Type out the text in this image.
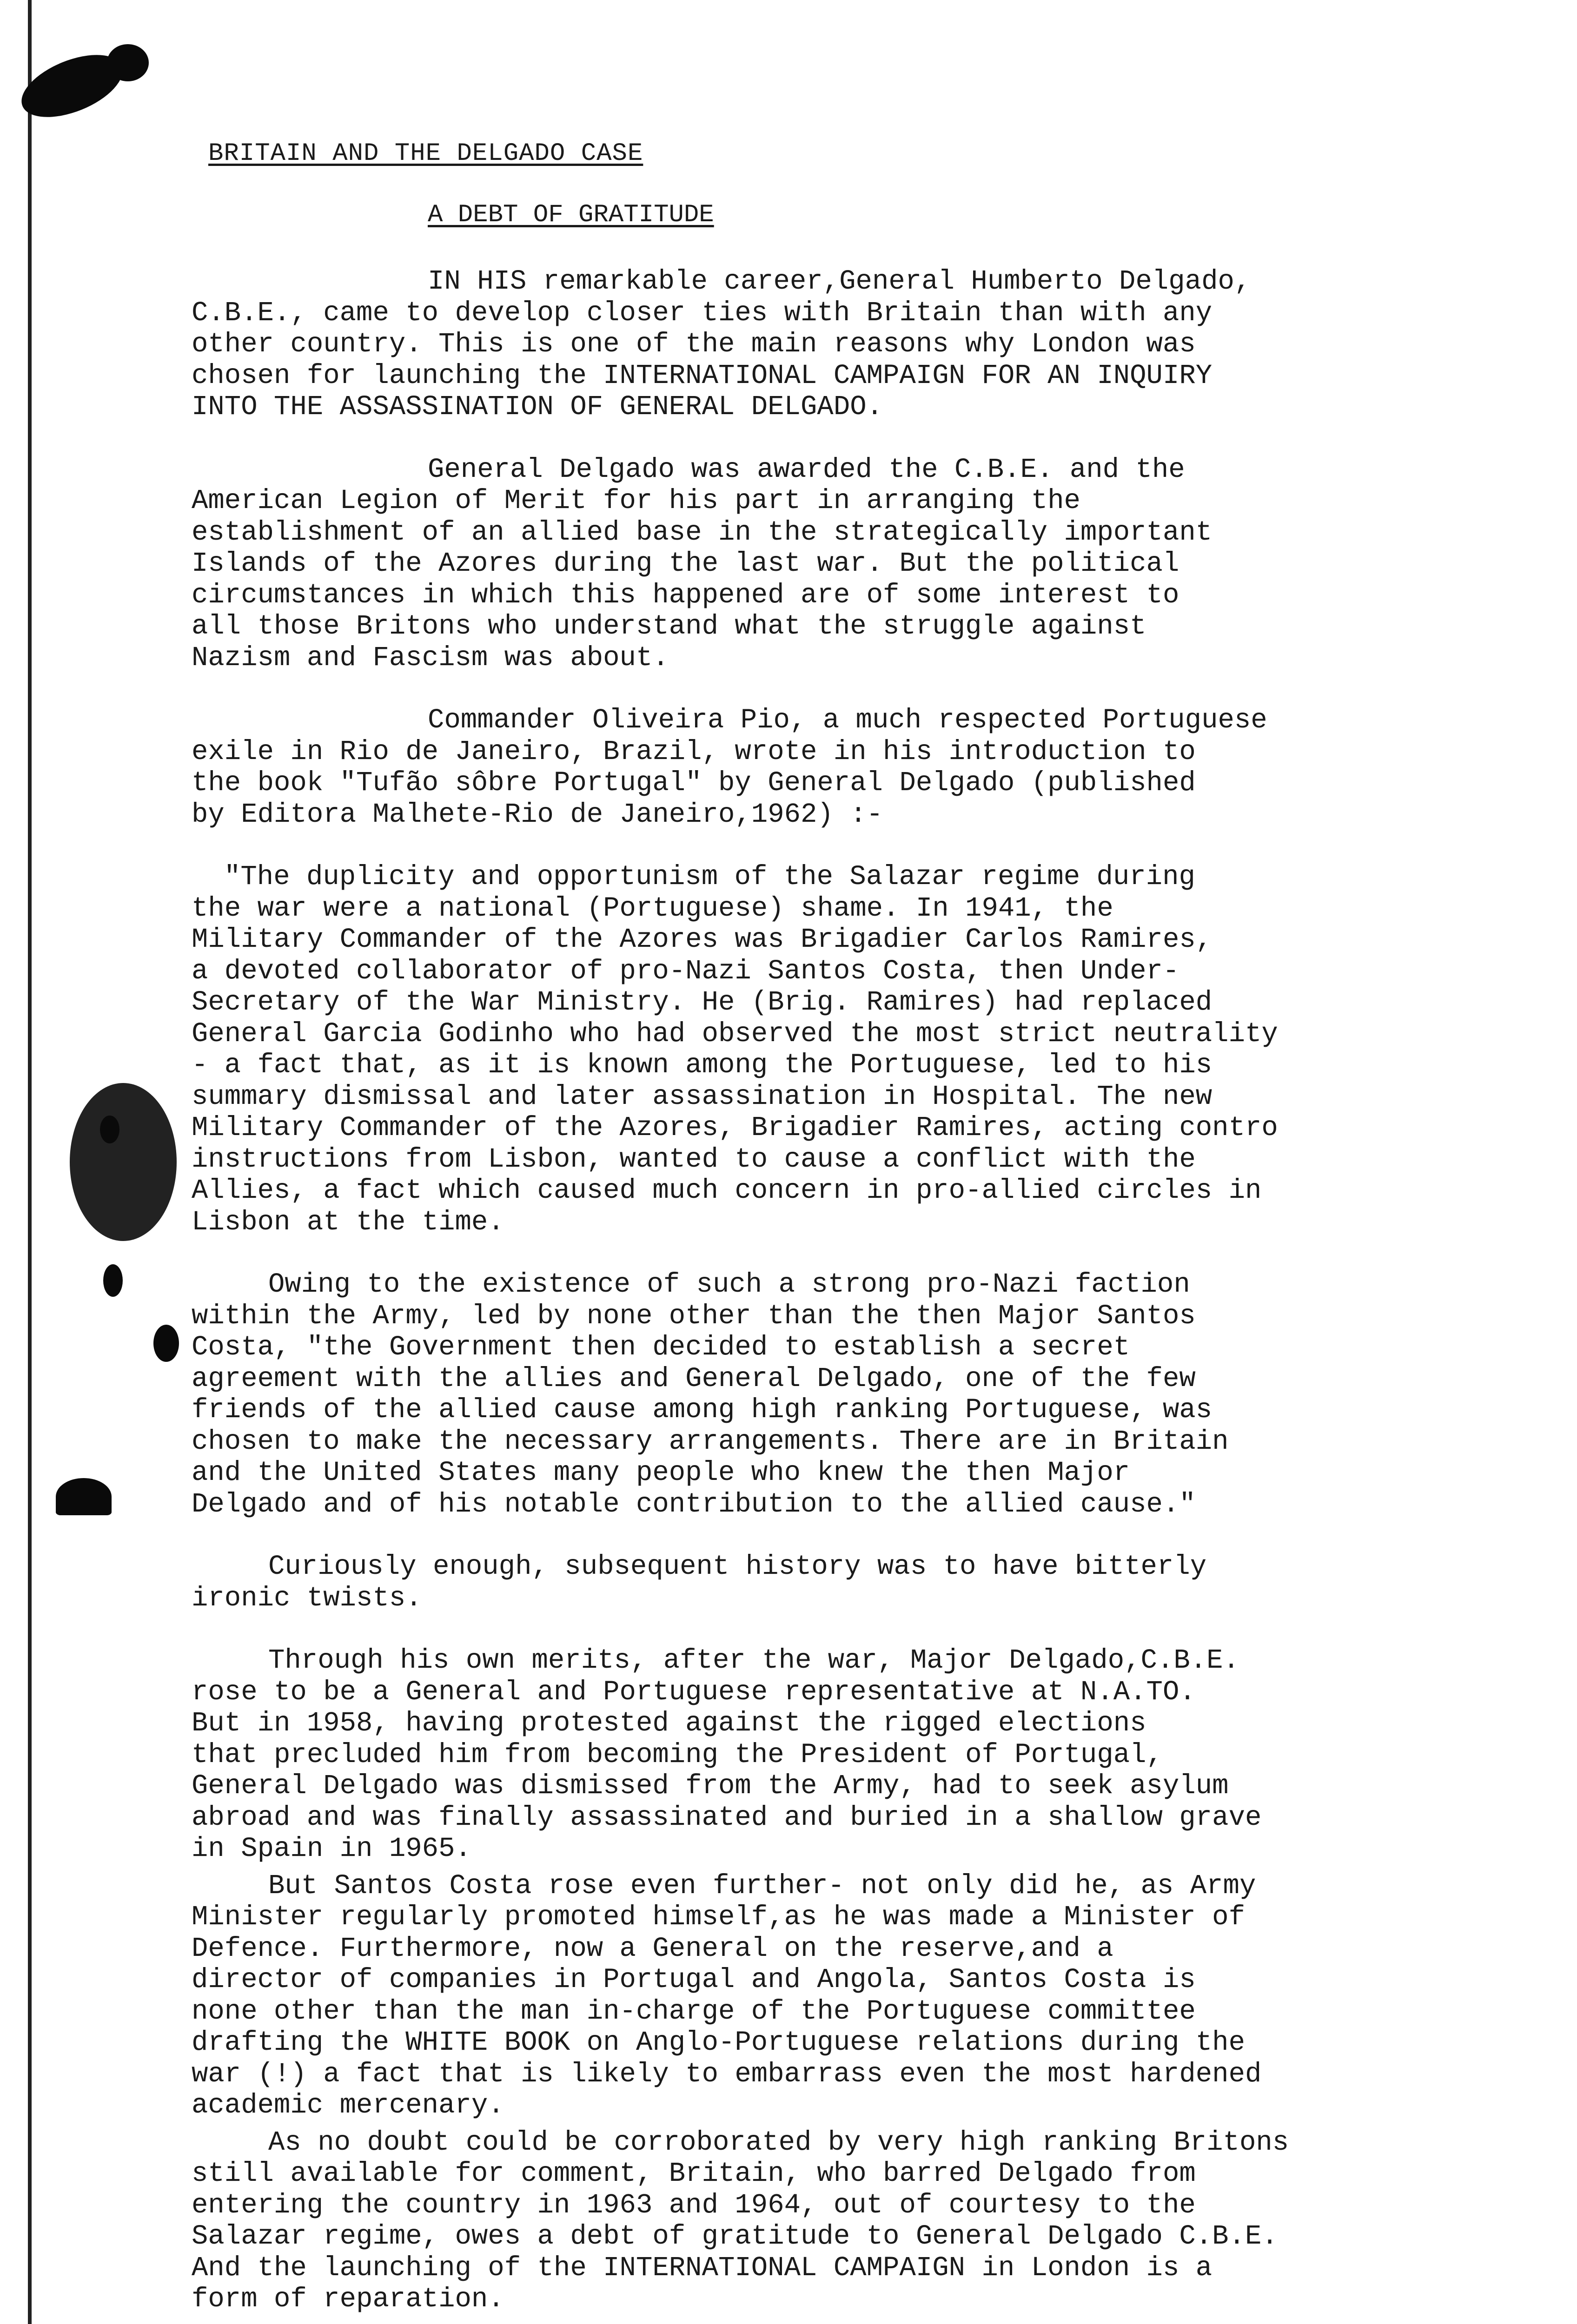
BRITAIN AND THE DELGADO CASE
A DEBT OF GRATITUDE

IN HIS remarkable career,General Humberto Delgado,
C.B.E., came to develop closer ties with Britain than with any
other country. This is one of the main reasons why London was
chosen for launching the INTERNATIONAL CAMPAIGN FOR AN INQUIRY
INTO THE ASSASSINATION OF GENERAL DELGADO.

General Delgado was awarded the C.B.E. and the
American Legion of Merit for his part in arranging the
establishment of an allied base in the strategically important
Islands of the Azores during the last war. But the political
circumstances in which this happened are of some interest to
all those Britons who understand what the struggle against
Nazism and Fascism was about.

Commander Oliveira Pio, a much respected Portuguese
exile in Rio de Janeiro, Brazil, wrote in his introduction to
the book "Tufão sôbre Portugal" by General Delgado (published
by Editora Malhete-Rio de Janeiro,1962) :-

"The duplicity and opportunism of the Salazar regime during
the war were a national (Portuguese) shame. In 1941, the
Military Commander of the Azores was Brigadier Carlos Ramires,
a devoted collaborator of pro-Nazi Santos Costa, then Under-
Secretary of the War Ministry. He (Brig. Ramires) had replaced
General Garcia Godinho who had observed the most strict neutrality
- a fact that, as it is known among the Portuguese, led to his
summary dismissal and later assassination in Hospital. The new
Military Commander of the Azores, Brigadier Ramires, acting contro
instructions from Lisbon, wanted to cause a conflict with the
Allies, a fact which caused much concern in pro-allied circles in
Lisbon at the time.

Owing to the existence of such a strong pro-Nazi faction
within the Army, led by none other than the then Major Santos
Costa, "the Government then decided to establish a secret
agreement with the allies and General Delgado, one of the few
friends of the allied cause among high ranking Portuguese, was
chosen to make the necessary arrangements. There are in Britain
and the United States many people who knew the then Major
Delgado and of his notable contribution to the allied cause."

Curiously enough, subsequent history was to have bitterly
ironic twists.

Through his own merits, after the war, Major Delgado,C.B.E.
rose to be a General and Portuguese representative at N.A.TO.
But in 1958, having protested against the rigged elections
that precluded him from becoming the President of Portugal,
General Delgado was dismissed from the Army, had to seek asylum
abroad and was finally assassinated and buried in a shallow grave
in Spain in 1965.

But Santos Costa rose even further- not only did he, as Army
Minister regularly promoted himself,as he was made a Minister of
Defence. Furthermore, now a General on the reserve,and a
director of companies in Portugal and Angola, Santos Costa is
none other than the man in-charge of the Portuguese committee
drafting the WHITE BOOK on Anglo-Portuguese relations during the
war (!) a fact that is likely to embarrass even the most hardened
academic mercenary.

As no doubt could be corroborated by very high ranking Britons
still available for comment, Britain, who barred Delgado from
entering the country in 1963 and 1964, out of courtesy to the
Salazar regime, owes a debt of gratitude to General Delgado C.B.E.
And the launching of the INTERNATIONAL CAMPAIGN in London is a
form of reparation.
